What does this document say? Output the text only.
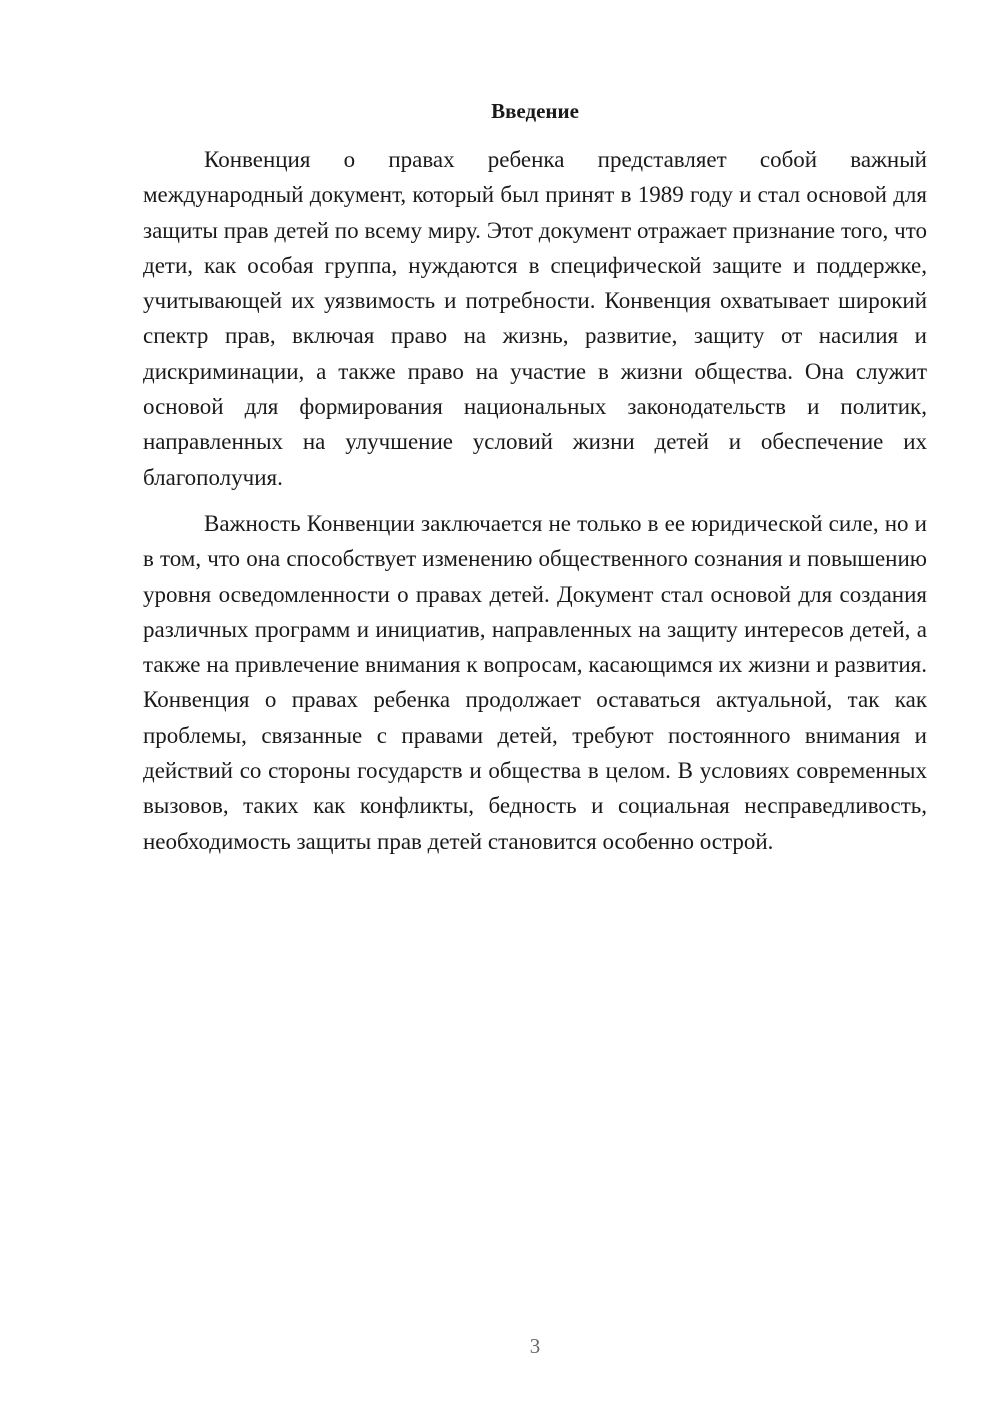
Введение

Конвенция о правах ребенка представляет собой важный международный документ, который был принят в 1989 году и стал основой для защиты прав детей по всему миру. Этот документ отражает признание того, что дети, как особая группа, нуждаются в специфической защите и поддержке, учитывающей их уязвимость и потребности. Конвенция охватывает широкий спектр прав, включая право на жизнь, развитие, защиту от насилия и дискриминации, а также право на участие в жизни общества. Она служит основой для формирования национальных законодательств и политик, направленных на улучшение условий жизни детей и обеспечение их благополучия.

Важность Конвенции заключается не только в ее юридической силе, но и в том, что она способствует изменению общественного сознания и повышению уровня осведомленности о правах детей. Документ стал основой для создания различных программ и инициатив, направленных на защиту интересов детей, а также на привлечение внимания к вопросам, касающимся их жизни и развития. Конвенция о правах ребенка продолжает оставаться актуальной, так как проблемы, связанные с правами детей, требуют постоянного внимания и действий со стороны государств и общества в целом. В условиях современных вызовов, таких как конфликты, бедность и социальная несправедливость, необходимость защиты прав детей становится особенно острой.

3
